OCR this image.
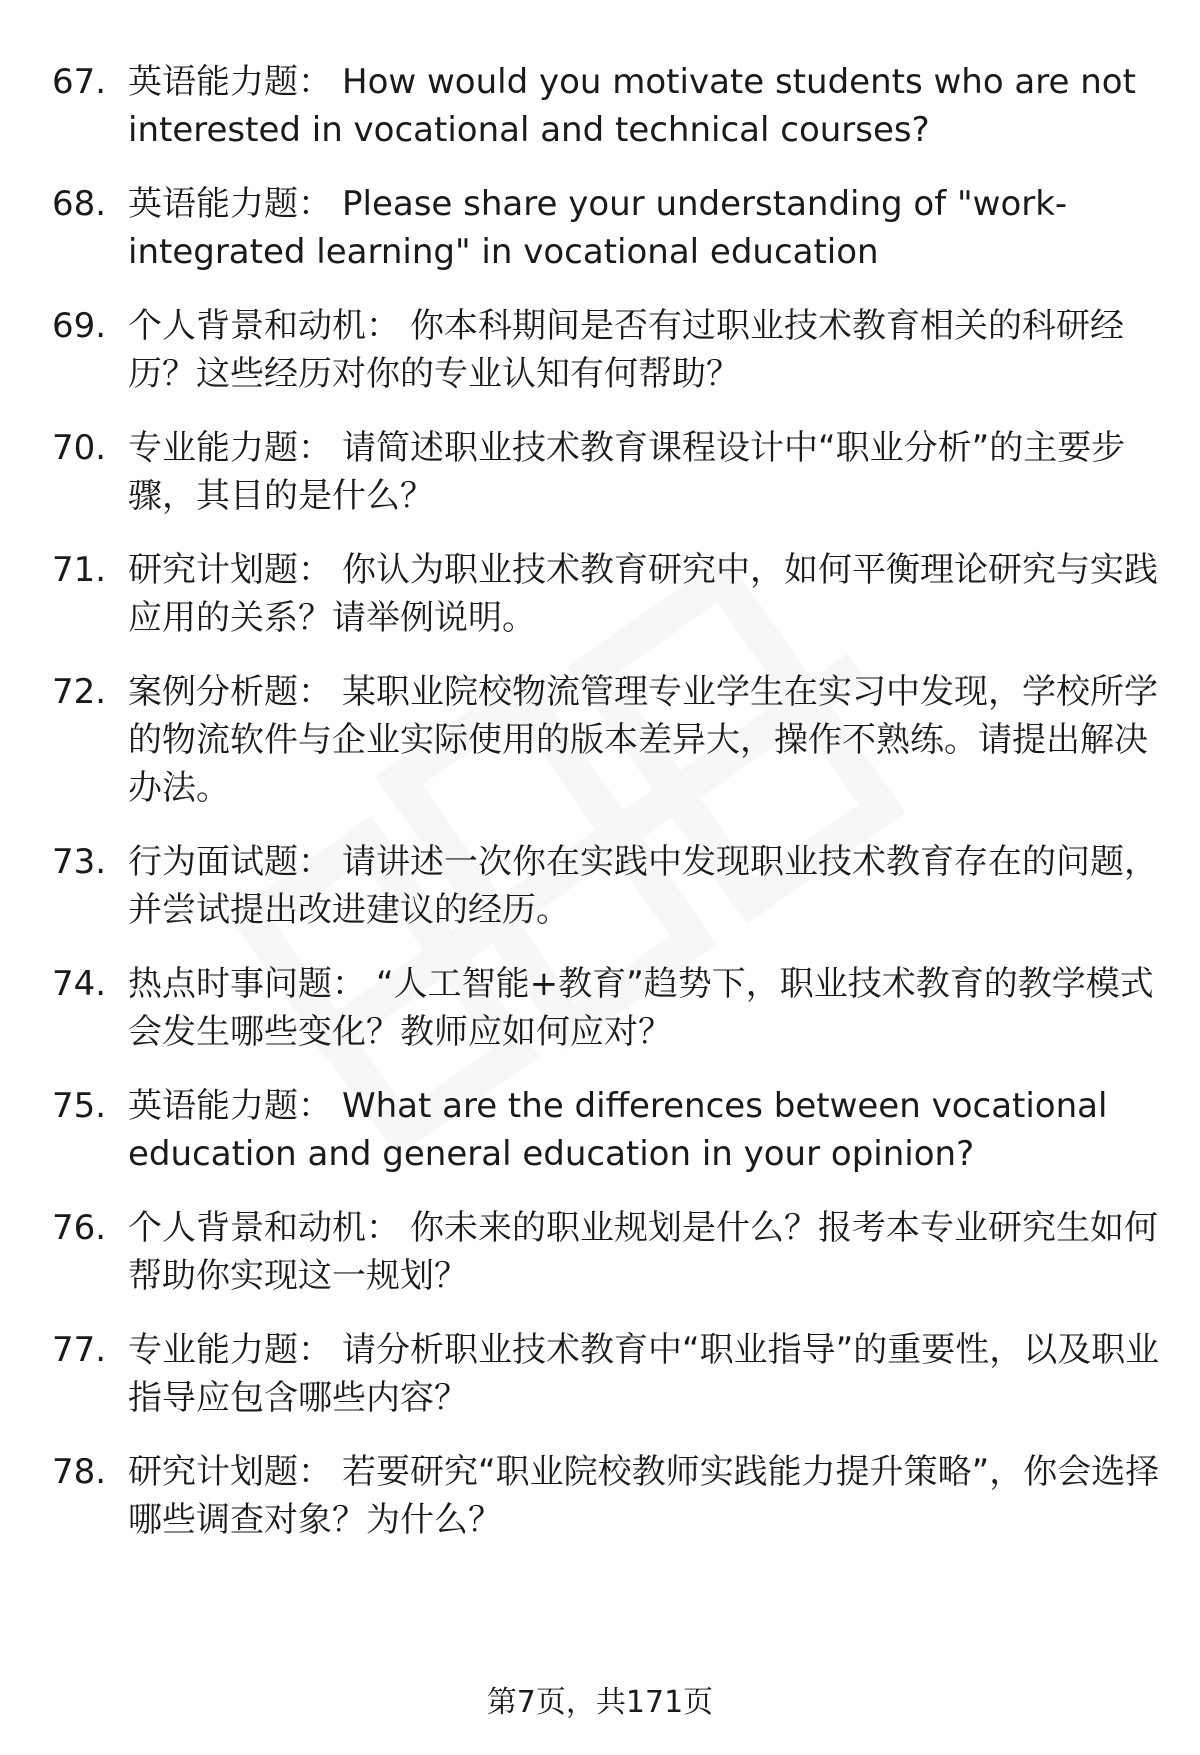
67. 英语能力题： How would you motivate students who are not interested in vocational and technical courses?
68. 英语能力题： Please share your understanding of "work-integrated learning" in vocational education
69. 个人背景和动机： 你本科期间是否有过职业技术教育相关的科研经历？这些经历对你的专业认知有何帮助？
70. 专业能力题： 请简述职业技术教育课程设计中“职业分析”的主要步骤，其目的是什么？
71. 研究计划题： 你认为职业技术教育研究中，如何平衡理论研究与实践应用的关系？请举例说明。
72. 案例分析题： 某职业院校物流管理专业学生在实习中发现，学校所学的物流软件与企业实际使用的版本差异大，操作不熟练。请提出解决办法。
73. 行为面试题： 请讲述一次你在实践中发现职业技术教育存在的问题，并尝试提出改进建议的经历。
74. 热点时事问题： “人工智能+教育”趋势下，职业技术教育的教学模式会发生哪些变化？教师应如何应对？
75. 英语能力题： What are the differences between vocational education and general education in your opinion?
76. 个人背景和动机： 你未来的职业规划是什么？报考本专业研究生如何帮助你实现这一规划？
77. 专业能力题： 请分析职业技术教育中“职业指导”的重要性，以及职业指导应包含哪些内容？
78. 研究计划题： 若要研究“职业院校教师实践能力提升策略”，你会选择哪些调查对象？为什么？
第7页，共171页
